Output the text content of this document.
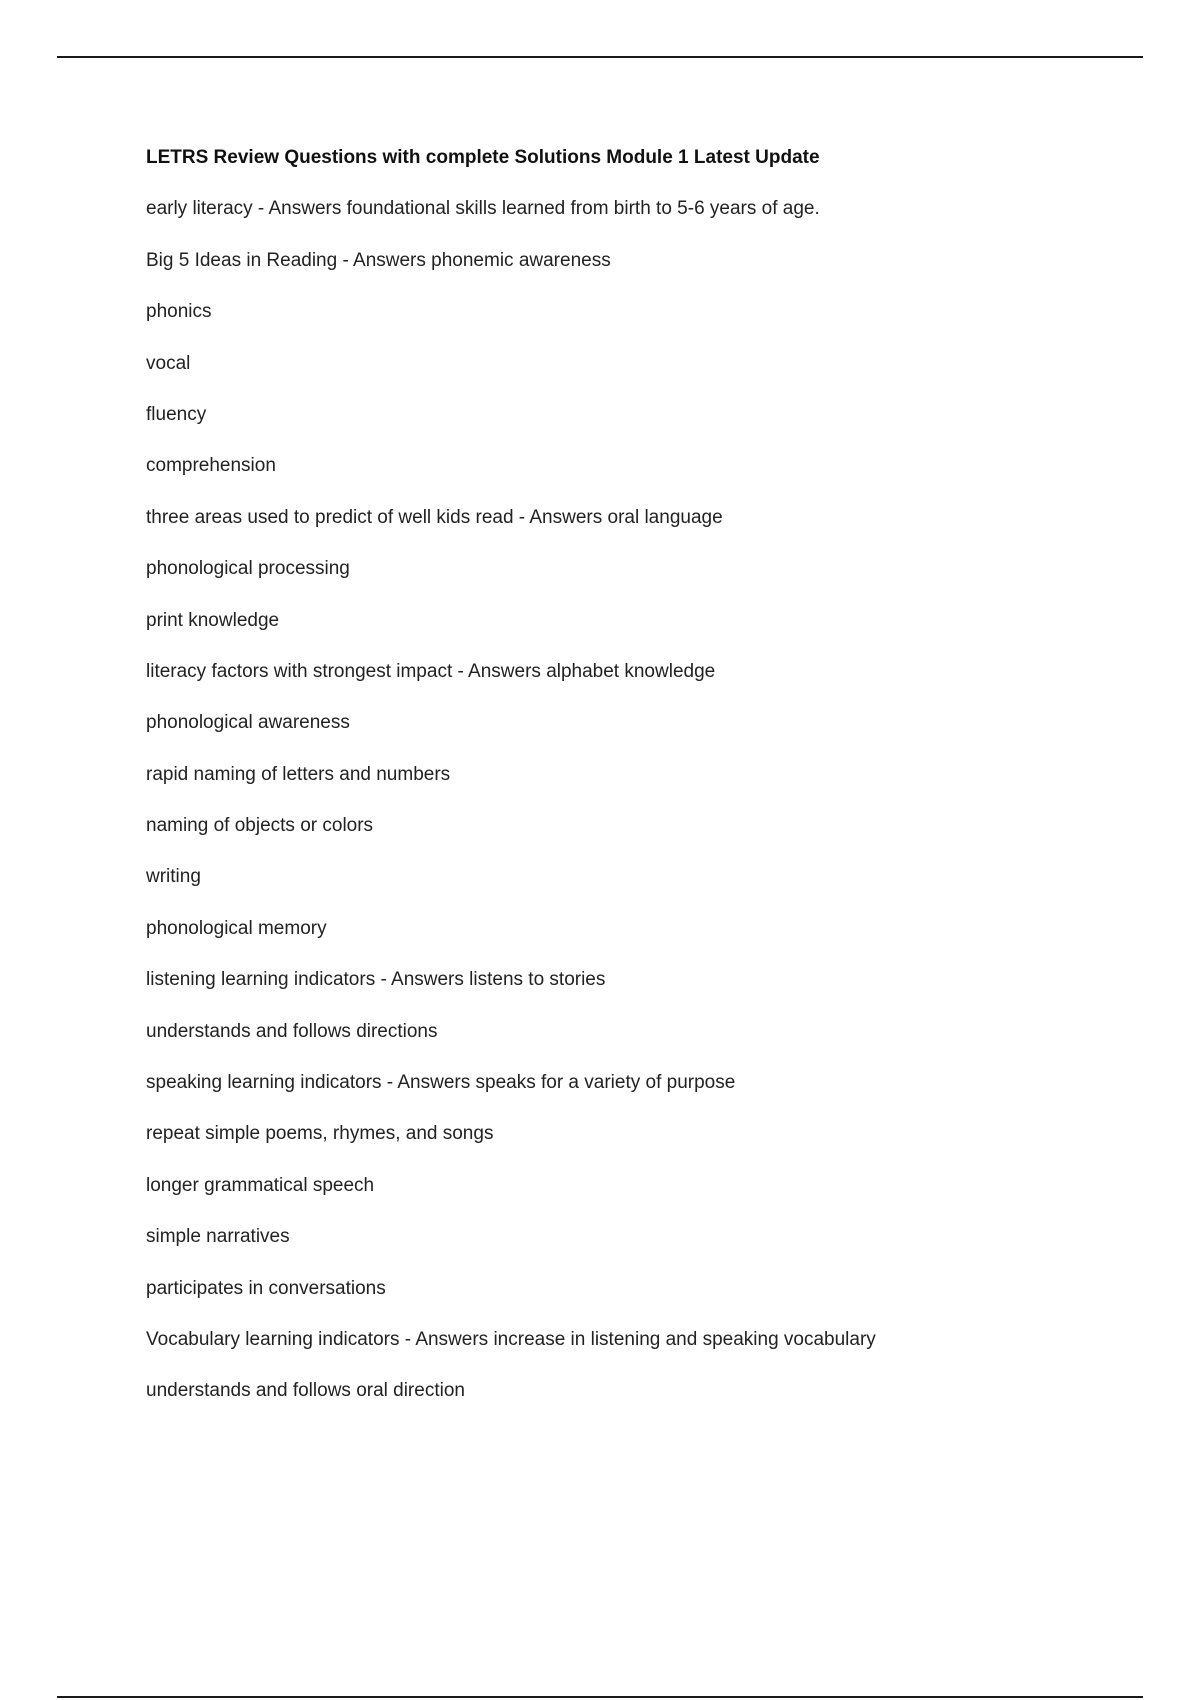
LETRS Review Questions with complete Solutions Module 1 Latest Update
early literacy - Answers foundational skills learned from birth to 5-6 years of age.
Big 5 Ideas in Reading - Answers phonemic awareness
phonics
vocal
fluency
comprehension
three areas used to predict of well kids read - Answers oral language
phonological processing
print knowledge
literacy factors with strongest impact - Answers alphabet knowledge
phonological awareness
rapid naming of letters and numbers
naming of objects or colors
writing
phonological memory
listening learning indicators - Answers listens to stories
understands and follows directions
speaking learning indicators - Answers speaks for a variety of purpose
repeat simple poems, rhymes, and songs
longer grammatical speech
simple narratives
participates in conversations
Vocabulary learning indicators - Answers increase in listening and speaking vocabulary
understands and follows oral direction
